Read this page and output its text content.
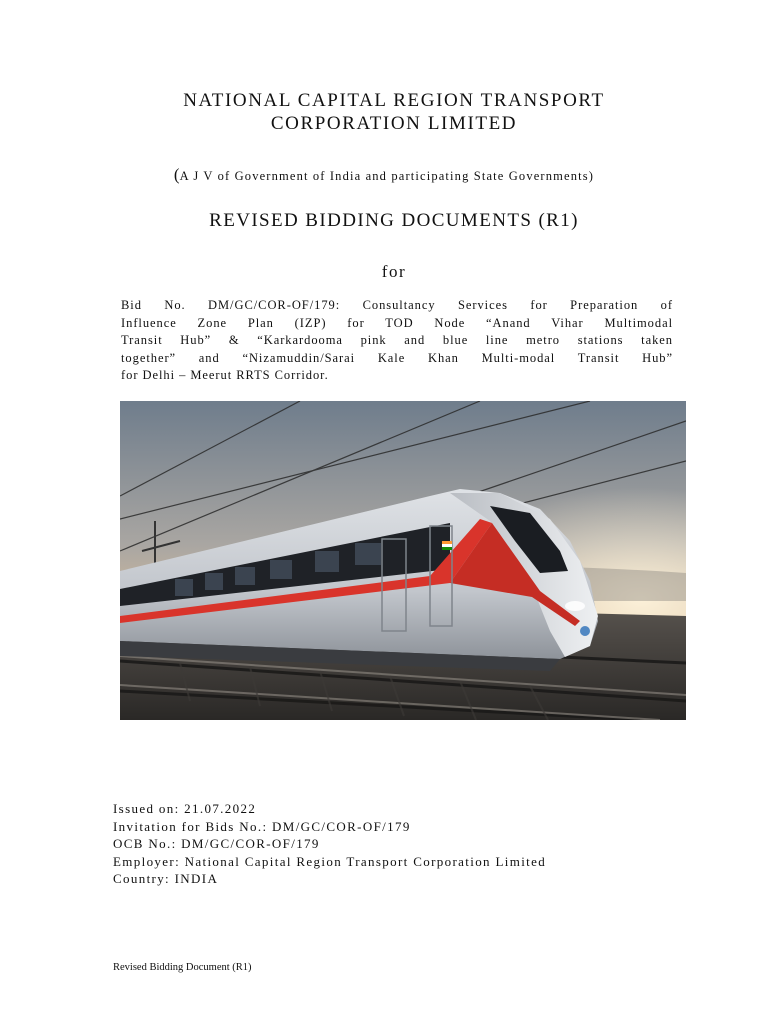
NATIONAL CAPITAL REGION TRANSPORT
CORPORATION LIMITED
(A J V of Government of India and participating State Governments)
REVISED BIDDING DOCUMENTS (R1)
for
Bid No. DM/GC/COR-OF/179: Consultancy Services for Preparation of
Influence Zone Plan (IZP) for TOD Node “Anand Vihar Multimodal
Transit Hub” & “Karkardooma pink and blue line metro stations taken
together” and “Nizamuddin/Sarai Kale Khan Multi-modal Transit Hub”
for Delhi – Meerut RRTS Corridor.
Issued on: 21.07.2022
Invitation for Bids No.: DM/GC/COR-OF/179
OCB No.: DM/GC/COR-OF/179
Employer: National Capital Region Transport Corporation Limited
Country: INDIA
Revised Bidding Document (R1)
